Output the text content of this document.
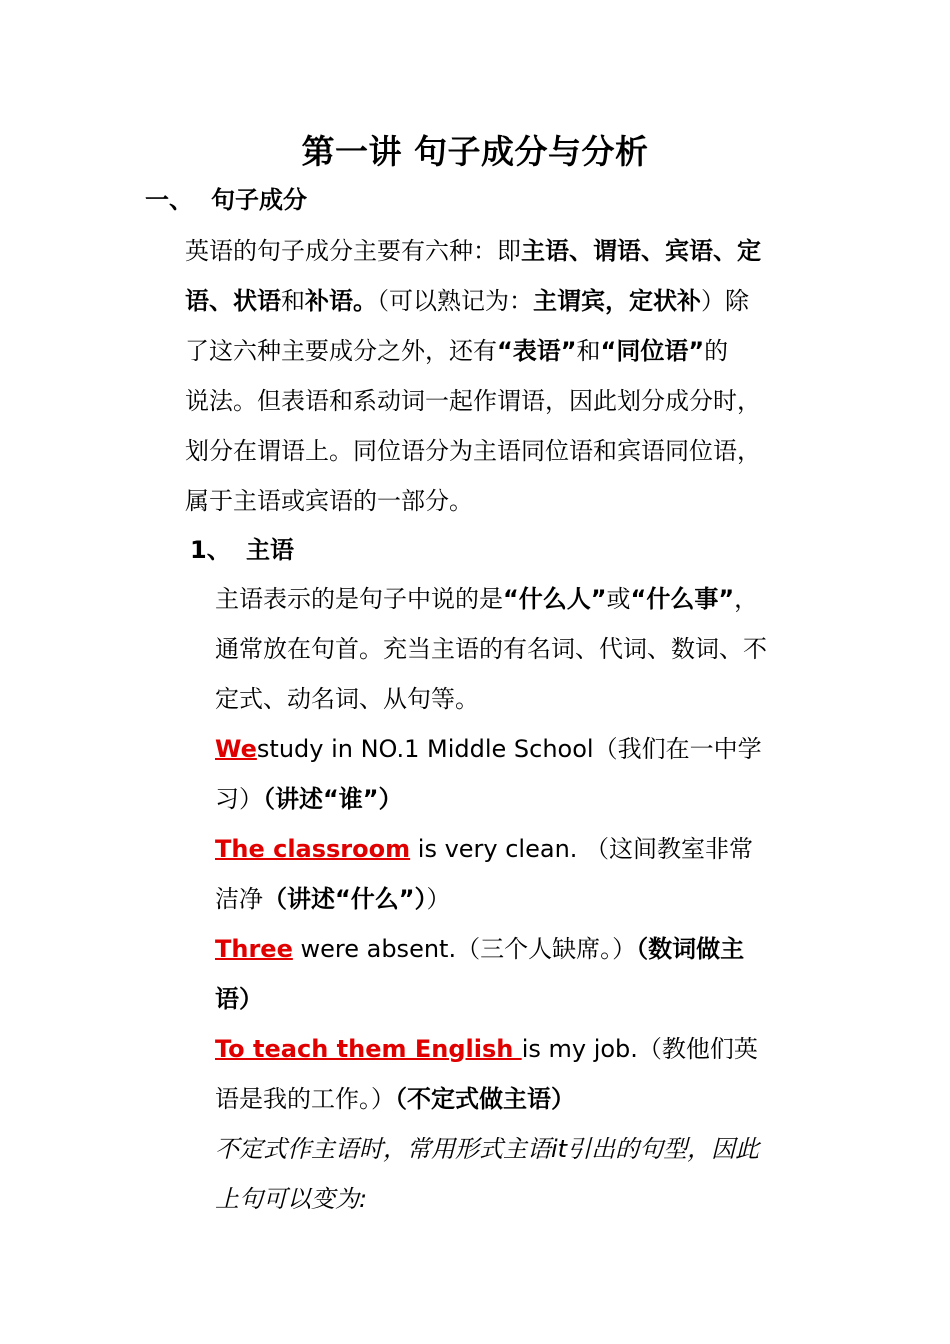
第一讲 句子成分与分析
一、 句子成分
英语的句子成分主要有六种：即主语、谓语、宾语、定
语、状语和补语。（可以熟记为：主谓宾，定状补）除
了这六种主要成分之外，还有“表语”和“同位语”的
说法。但表语和系动词一起作谓语，因此划分成分时，
划分在谓语上。同位语分为主语同位语和宾语同位语，
属于主语或宾语的一部分。
1、 主语
主语表示的是句子中说的是“什么人”或“什么事”，
通常放在句首。充当主语的有名词、代词、数词、不
定式、动名词、从句等。
Westudy in NO.1 Middle School（我们在一中学
习）（讲述“谁”）
The classroom is very clean. （这间教室非常
洁净（讲述“什么”））
Three were absent.（三个人缺席。）（数词做主
语）
To teach them English is my job.（教他们英
语是我的工作。）（不定式做主语）
不定式作主语时，常用形式主语it引出的句型，因此
上句可以变为:
